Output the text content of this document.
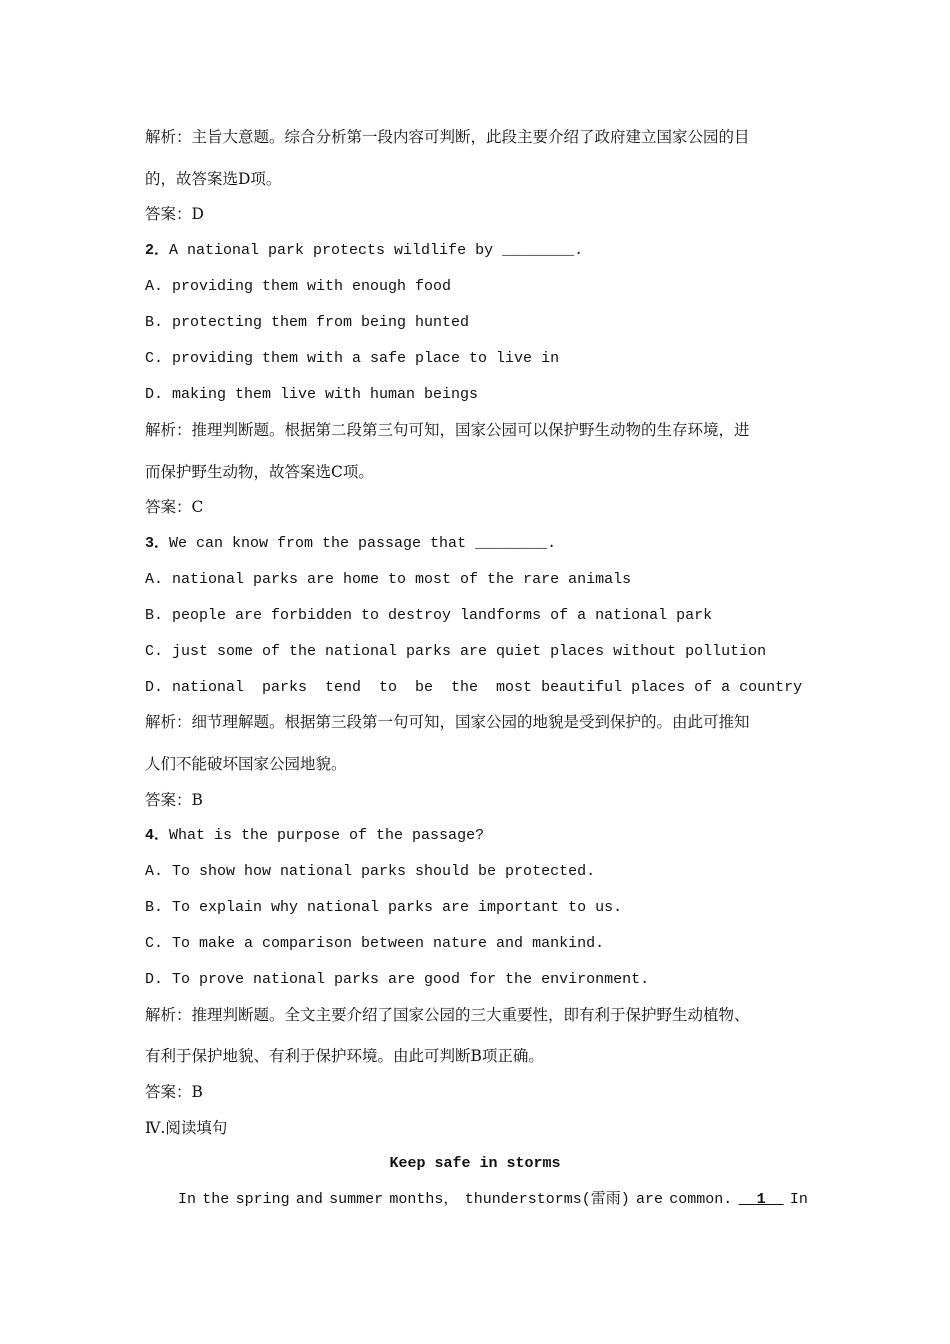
解析：主旨大意题。综合分析第一段内容可判断，此段主要介绍了政府建立国家公园的目
的，故答案选D项。
答案：D
2．A national park protects wildlife by ________.
A. providing them with enough food
B. protecting them from being hunted
C. providing them with a safe place to live in
D. making them live with human beings
解析：推理判断题。根据第二段第三句可知，国家公园可以保护野生动物的生存环境，进
而保护野生动物，故答案选C项。
答案：C
3．We can know from the passage that ________.
A. national parks are home to most of the rare animals
B. people are forbidden to destroy landforms of a national park
C. just some of the national parks are quiet places without pollution
D. national  parks  tend  to  be  the  most beautiful places of a country
解析：细节理解题。根据第三段第一句可知，国家公园的地貌是受到保护的。由此可推知
人们不能破坏国家公园地貌。
答案：B
4．What is the purpose of the passage?
A. To show how national parks should be protected.
B. To explain why national parks are important to us.
C. To make a comparison between nature and mankind.
D. To prove national parks are good for the environment.
解析：推理判断题。全文主要介绍了国家公园的三大重要性，即有利于保护野生动植物、
有利于保护地貌、有利于保护环境。由此可判断B项正确。
答案：B
Ⅳ.阅读填句
Keep safe in storms
In the spring and summer months， thunderstorms(雷雨) are common.	1	In
